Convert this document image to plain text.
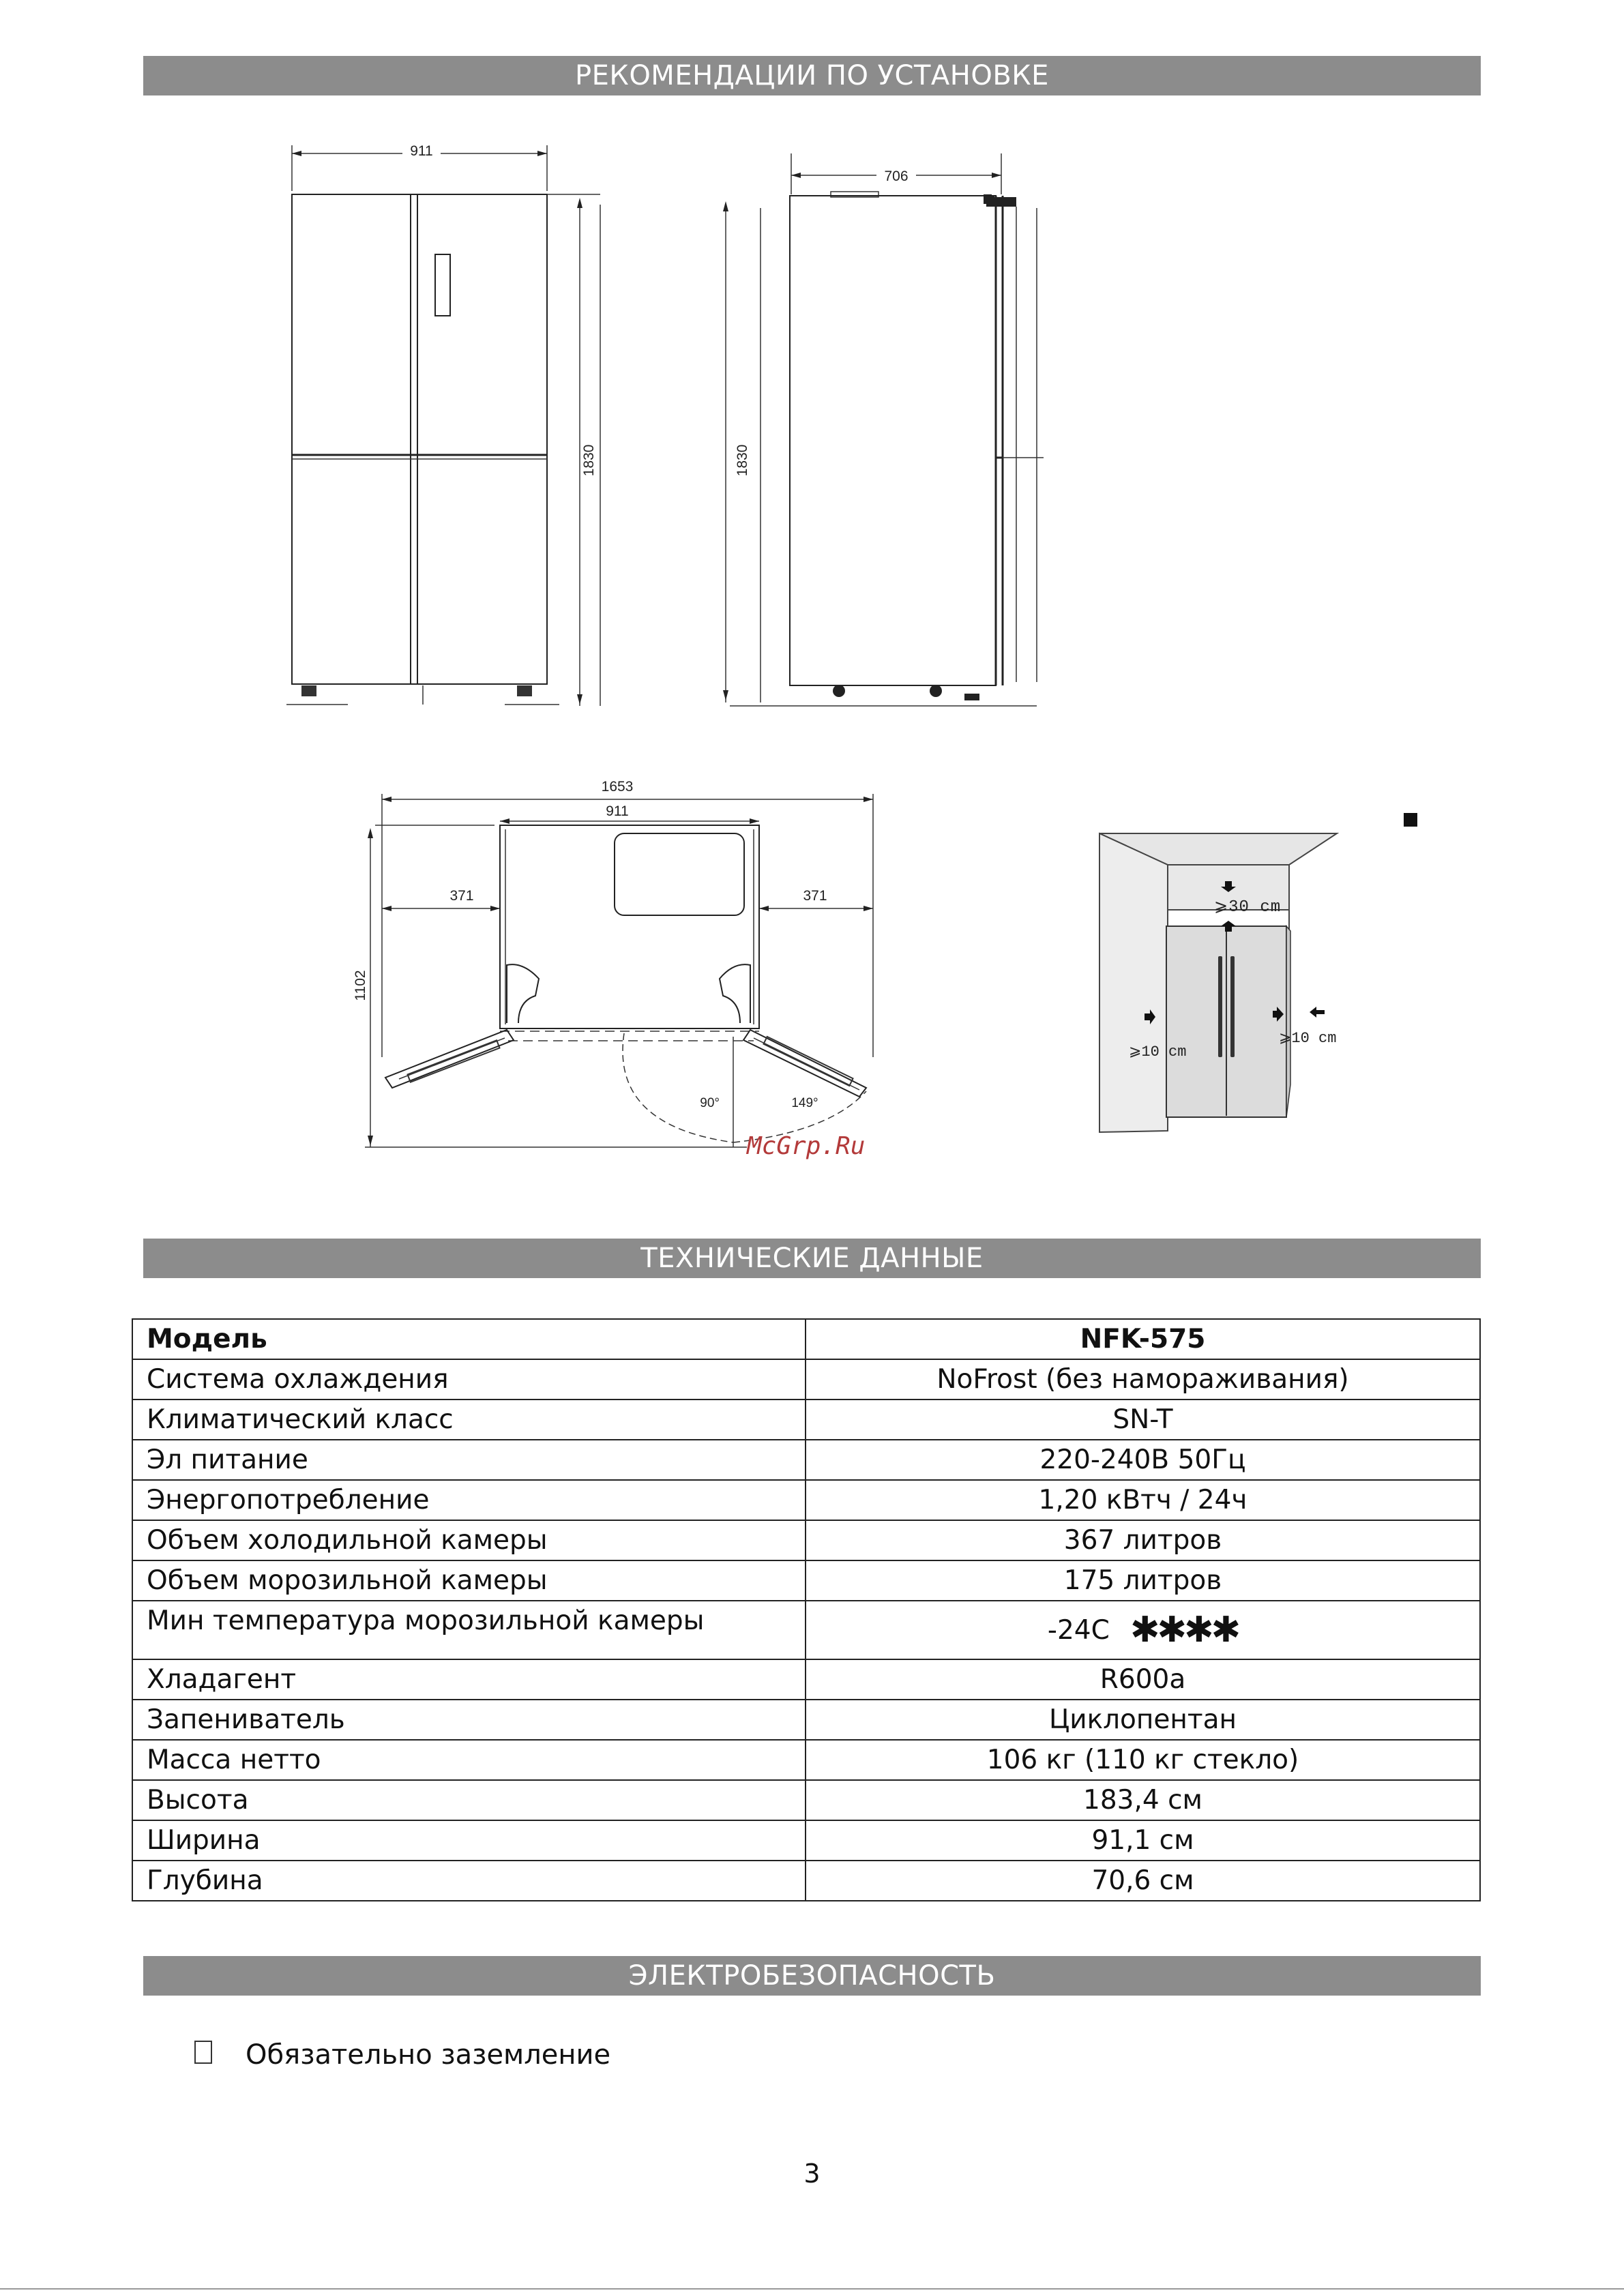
РЕКОМЕНДАЦИИ ПО УСТАНОВКЕ
911
1830
706
1830
1653
911
371	371
90°	149°
1102
McGrp.Ru
⩾30 cm
⩾10 cm
⩾10 cm
ТЕХНИЧЕСКИЕ ДАННЫЕ
Модель	NFK-575
Система охлаждения	NoFrost (без намораживания)
Климатический класс	SN-T
Эл питание	220-240В 50Гц
Энергопотребление	1,20 кВтч / 24ч
Объем холодильной камеры	367 литров
Объем морозильной камеры	175 литров
Мин температура морозильной камеры	-24С ✱✱✱✱
Хладагент	R600a
Запениватель	Циклопентан
Масса нетто	106 кг (110 кг стекло)
Высота	183,4 см
Ширина	91,1 см
Глубина	70,6 см
ЭЛЕКТРОБЕЗОПАСНОСТЬ
Обязательно заземление
3
